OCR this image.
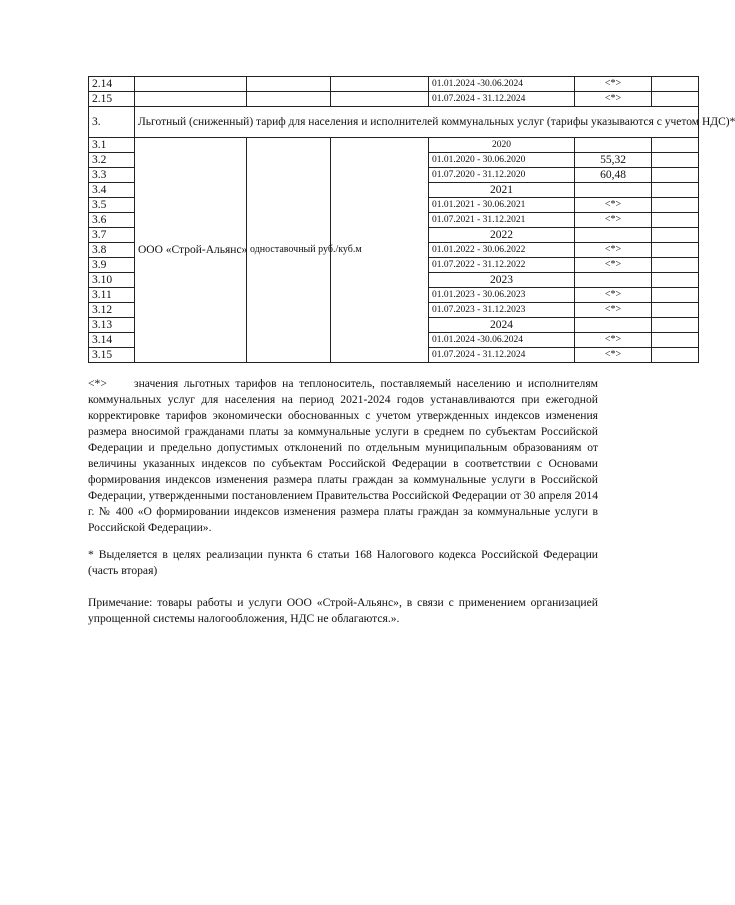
2.14				01.01.2024 -30.06.2024	<*>	
2.15				01.07.2024 - 31.12.2024	<*>	
3.	Льготный (сниженный) тариф для населения и исполнителей коммунальных услуг (тарифы указываются с учетом НДС)*					
3.1	ООО «Строй-Альянс»	одноставочный руб./куб.м		2020		
3.2				01.01.2020 - 30.06.2020	55,32	
3.3				01.07.2020 - 31.12.2020	60,48	
3.4				2021		
3.5				01.01.2021 - 30.06.2021	<*>	
3.6				01.07.2021 - 31.12.2021	<*>	
3.7				2022		
3.8				01.01.2022 - 30.06.2022	<*>	
3.9				01.07.2022 - 31.12.2022	<*>	
3.10				2023		
3.11				01.01.2023 - 30.06.2023	<*>	
3.12				01.07.2023 - 31.12.2023	<*>	
3.13				2024		
3.14				01.01.2024 -30.06.2024	<*>	
3.15				01.07.2024 - 31.12.2024	<*>	
<*> значения льготных тарифов на теплоноситель, поставляемый населению и исполнителям коммунальных услуг для населения на период 2021-2024 годов устанавливаются при ежегодной корректировке тарифов экономически обоснованных с учетом утвержденных индексов изменения размера вносимой гражданами платы за коммунальные услуги в среднем по субъектам Российской Федерации и предельно допустимых отклонений по отдельным муниципальным образованиям от величины указанных индексов по субъектам Российской Федерации в соответствии с Основами формирования индексов изменения размера платы граждан за коммунальные услуги в Российской Федерации, утвержденными постановлением Правительства Российской Федерации от 30 апреля 2014 г. № 400 «О формировании индексов изменения размера платы граждан за коммунальные услуги в Российской Федерации».
* Выделяется в целях реализации пункта 6 статьи 168 Налогового кодекса Российской Федерации (часть вторая)
Примечание: товары работы и услуги ООО «Строй-Альянс», в связи с применением организацией упрощенной системы налогообложения, НДС не облагаются.».
